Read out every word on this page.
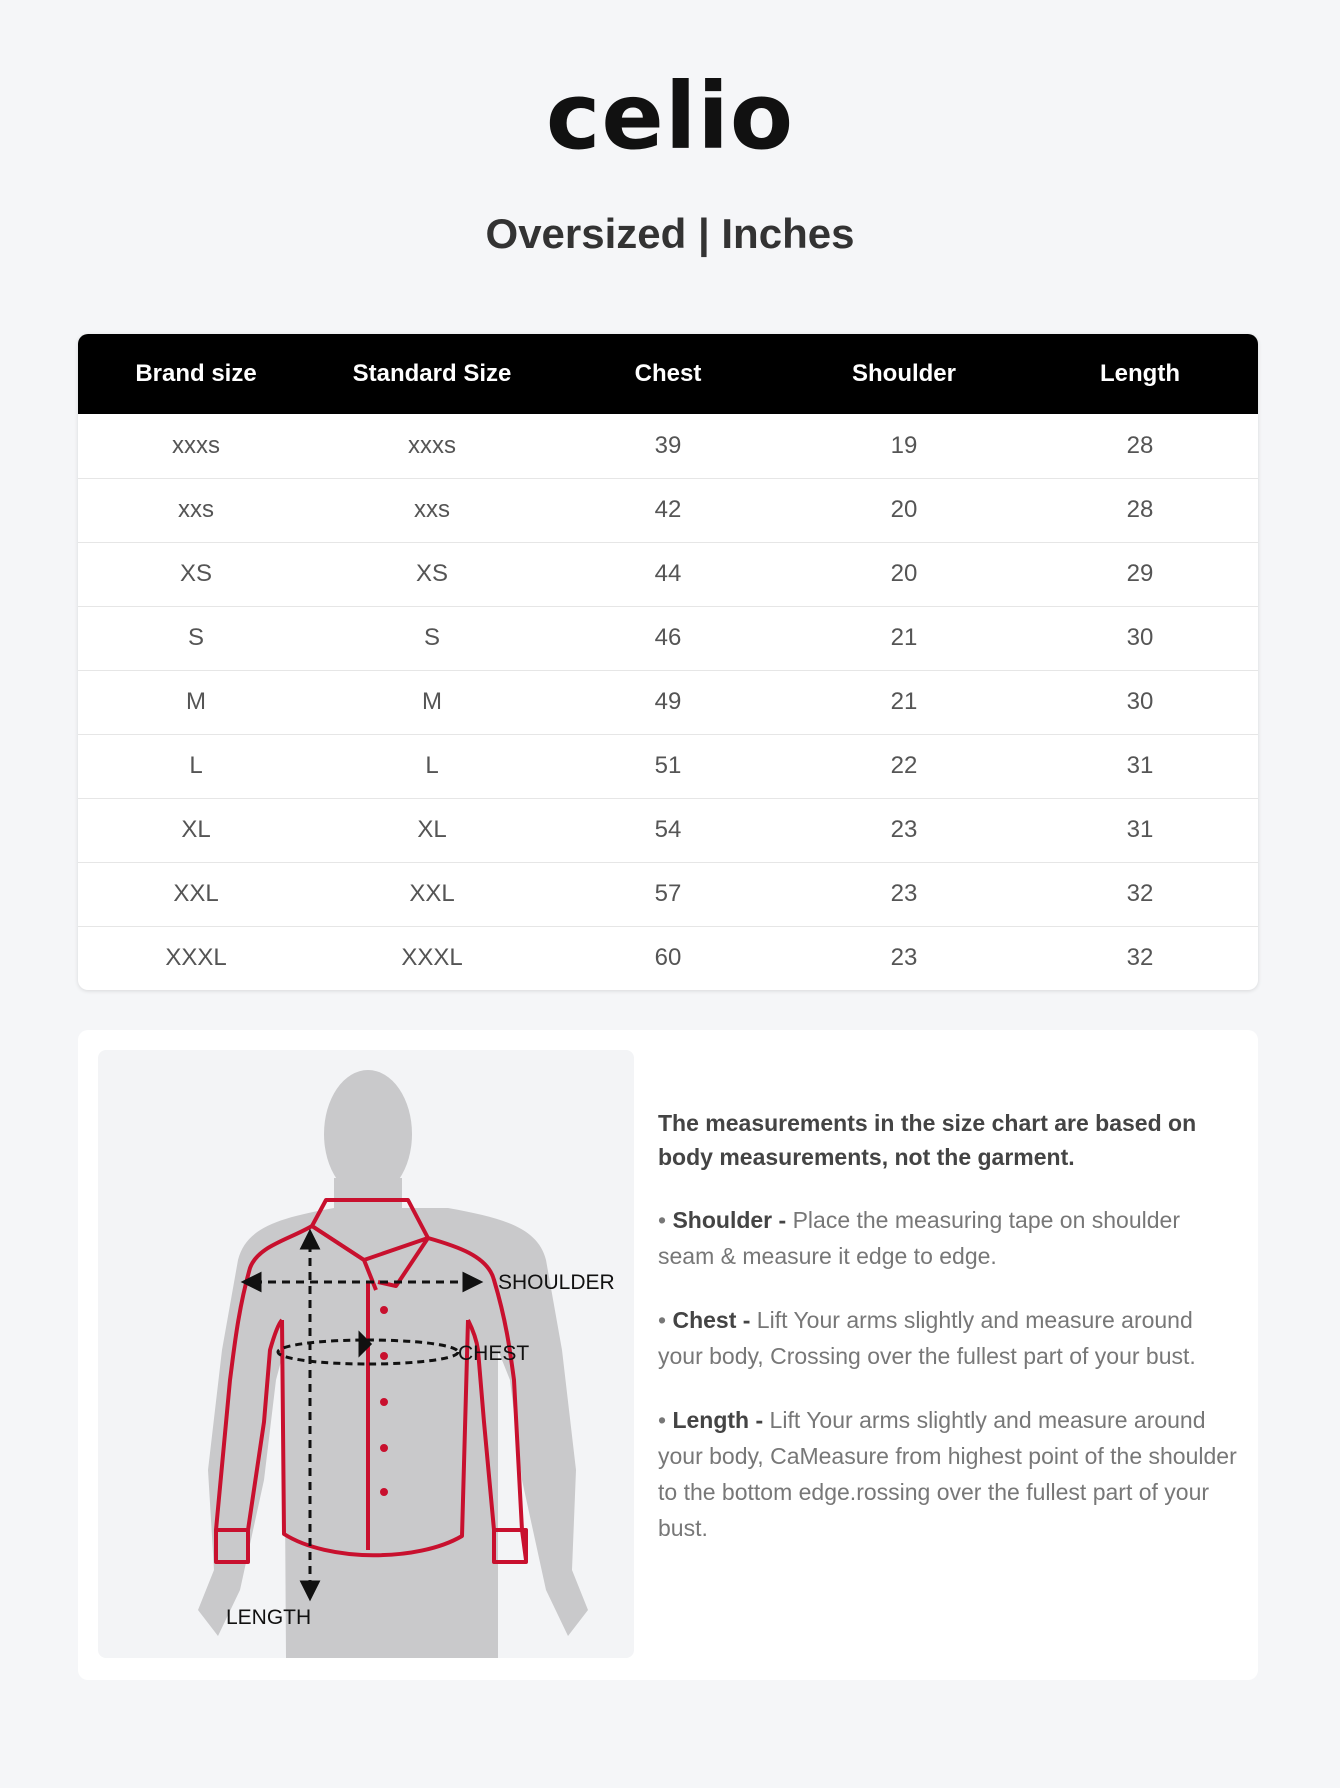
celio
Oversized | Inches
Brand size	Standard Size	Chest	Shoulder	Length
xxxs	xxxs	39	19	28
xxs	xxs	42	20	28
XS	XS	44	20	29
S	S	46	21	30
M	M	49	21	30
L	L	51	22	31
XL	XL	54	23	31
XXL	XXL	57	23	32
XXXL	XXXL	60	23	32
SHOULDER
CHEST
LENGTH

The measurements in the size chart are based on body measurements, not the garment.

• Shoulder - Place the measuring tape on shoulder seam & measure it edge to edge.

• Chest - Lift Your arms slightly and measure around your body, Crossing over the fullest part of your bust.

• Length - Lift Your arms slightly and measure around your body, CaMeasure from highest point of the shoulder to the bottom edge.rossing over the fullest part of your bust.
